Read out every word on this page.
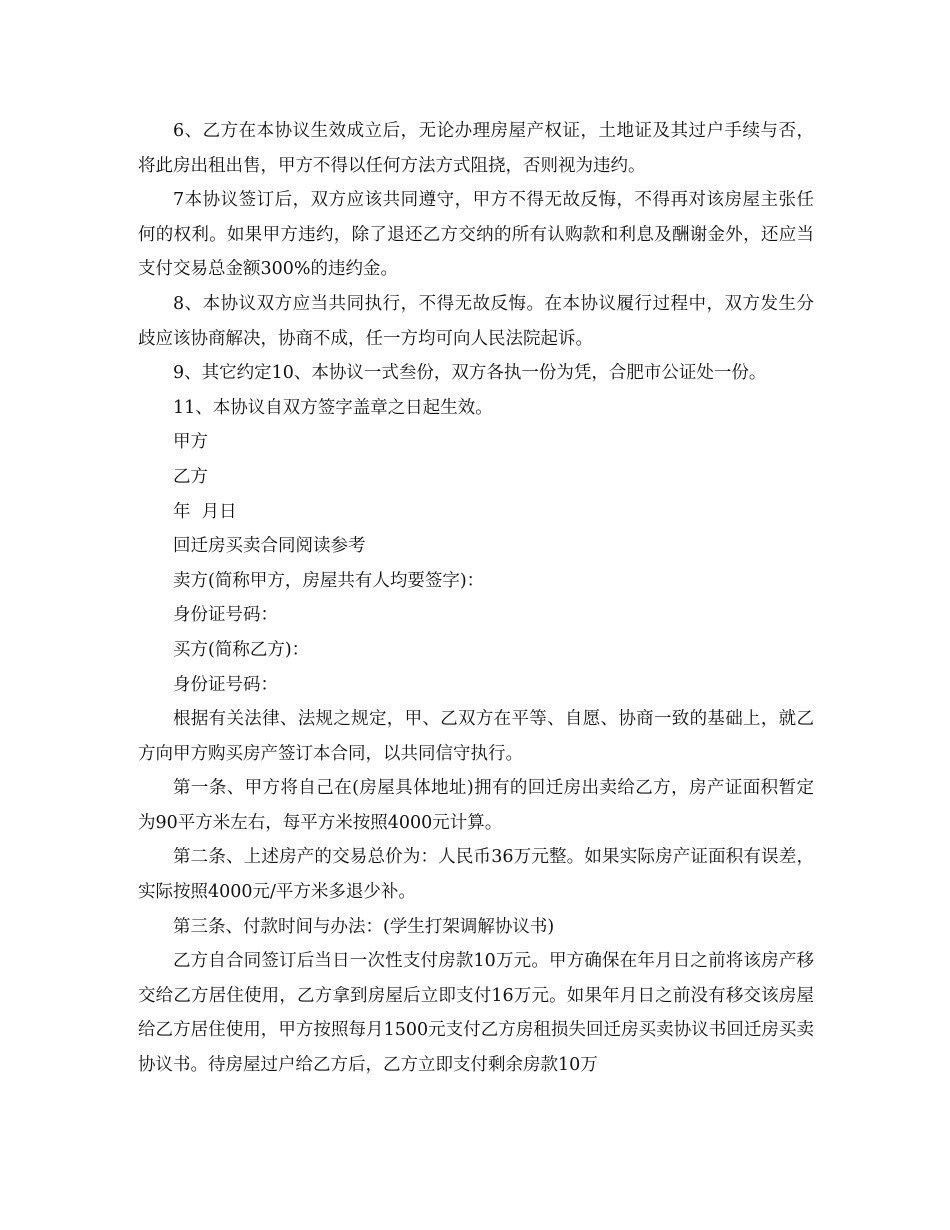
6、乙方在本协议生效成立后，无论办理房屋产权证，土地证及其过户手续与否，将此房出租出售，甲方不得以任何方法方式阻挠，否则视为违约。

7本协议签订后，双方应该共同遵守，甲方不得无故反悔，不得再对该房屋主张任何的权利。如果甲方违约，除了退还乙方交纳的所有认购款和利息及酬谢金外，还应当支付交易总金额300%的违约金。

8、本协议双方应当共同执行，不得无故反悔。在本协议履行过程中，双方发生分歧应该协商解决，协商不成，任一方均可向人民法院起诉。

9、其它约定10、本协议一式叁份，双方各执一份为凭，合肥市公证处一份。

11、本协议自双方签字盖章之日起生效。

甲方

乙方

年  月日

回迁房买卖合同阅读参考

卖方(简称甲方，房屋共有人均要签字)：

身份证号码：

买方(简称乙方)：

身份证号码：

根据有关法律、法规之规定，甲、乙双方在平等、自愿、协商一致的基础上，就乙方向甲方购买房产签订本合同，以共同信守执行。

第一条、甲方将自己在(房屋具体地址)拥有的回迁房出卖给乙方，房产证面积暂定为90平方米左右，每平方米按照4000元计算。

第二条、上述房产的交易总价为：人民币36万元整。如果实际房产证面积有误差，实际按照4000元/平方米多退少补。

第三条、付款时间与办法：(学生打架调解协议书)

乙方自合同签订后当日一次性支付房款10万元。甲方确保在年月日之前将该房产移交给乙方居住使用，乙方拿到房屋后立即支付16万元。如果年月日之前没有移交该房屋给乙方居住使用，甲方按照每月1500元支付乙方房租损失回迁房买卖协议书回迁房买卖协议书。待房屋过户给乙方后，乙方立即支付剩余房款10万
